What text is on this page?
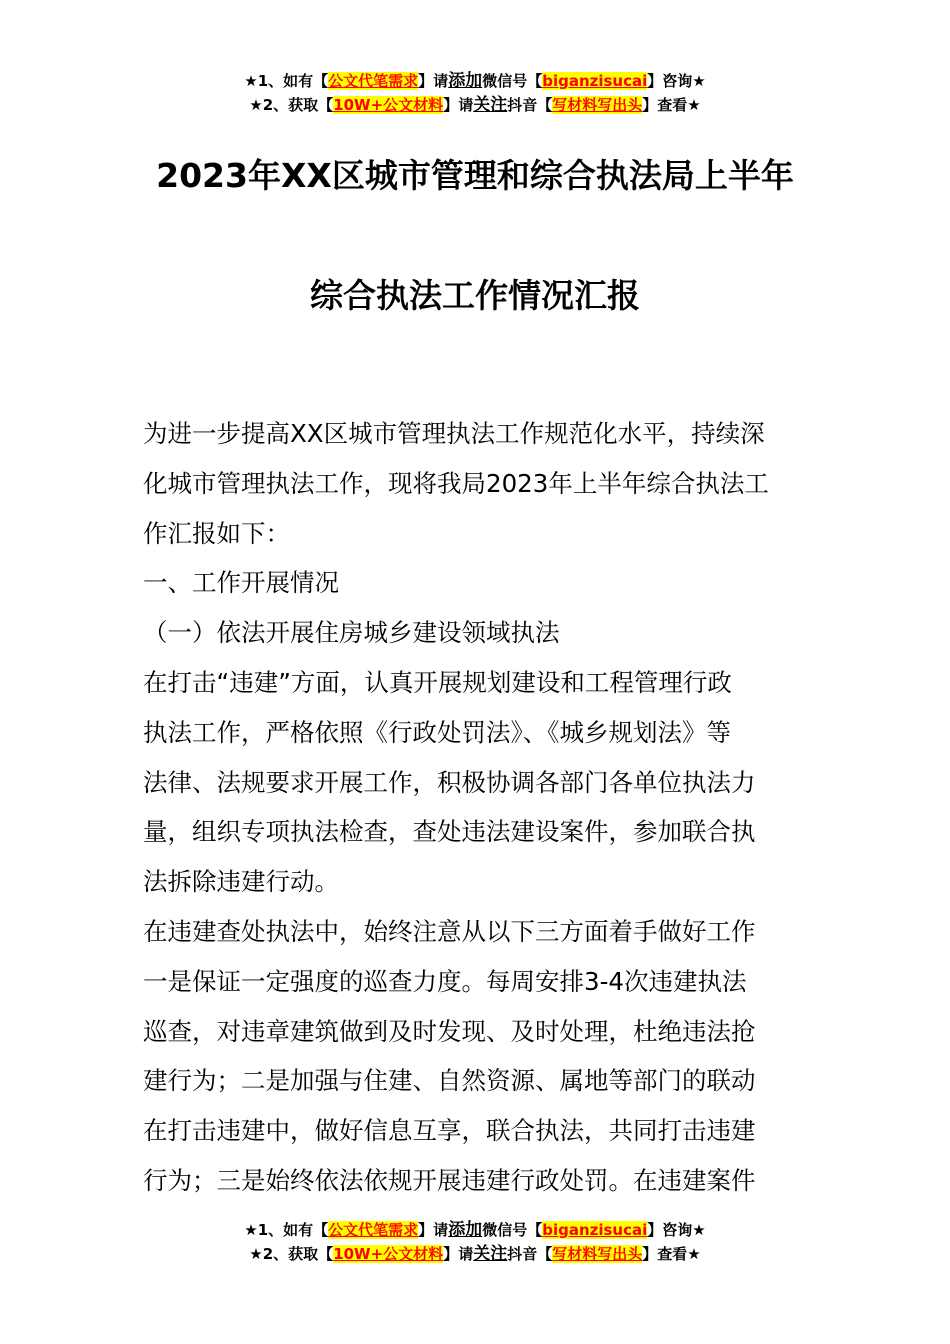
★1、如有【公文代笔需求】请添加微信号【biganzisucai】咨询★
★2、获取【10W+公文材料】请关注抖音【写材料写出头】查看★
2023年XX区城市管理和综合执法局上半年
综合执法工作情况汇报
为进一步提高XX区城市管理执法工作规范化水平，持续深
化城市管理执法工作，现将我局2023年上半年综合执法工
作汇报如下：
一、工作开展情况
（一）依法开展住房城乡建设领域执法
在打击“违建”方面，认真开展规划建设和工程管理行政
执法工作，严格依照《行政处罚法》、《城乡规划法》等
法律、法规要求开展工作，积极协调各部门各单位执法力
量，组织专项执法检查，查处违法建设案件，参加联合执
法拆除违建行动。
在违建查处执法中，始终注意从以下三方面着手做好工作
一是保证一定强度的巡查力度。每周安排3-4次违建执法
巡查，对违章建筑做到及时发现、及时处理，杜绝违法抢
建行为；二是加强与住建、自然资源、属地等部门的联动
在打击违建中，做好信息互享，联合执法，共同打击违建
行为；三是始终依法依规开展违建行政处罚。在违建案件
★1、如有【公文代笔需求】请添加微信号【biganzisucai】咨询★
★2、获取【10W+公文材料】请关注抖音【写材料写出头】查看★
